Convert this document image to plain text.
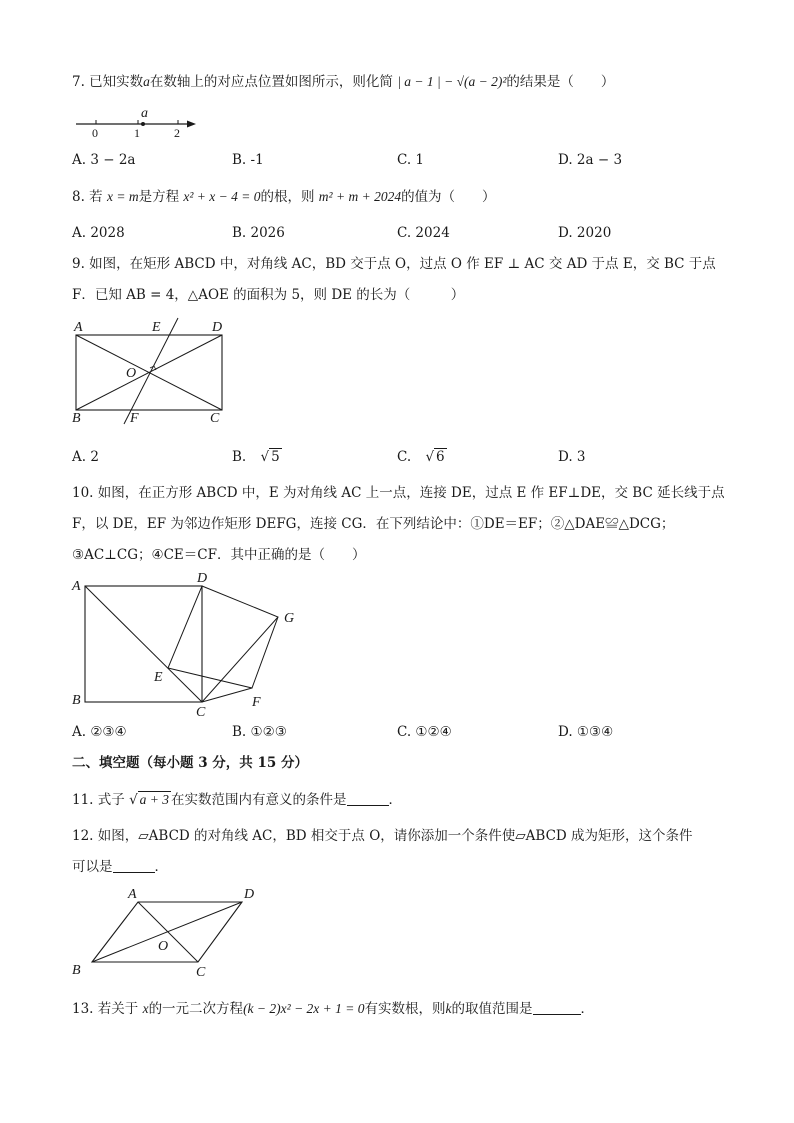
7. 已知实数a在数轴上的对应点位置如图所示，则化简 | a − 1 | − √(a − 2)²的结果是（　　）
a
0	1	2
A. 3 − 2a	B. -1	C. 1	D. 2a − 3
8. 若 x = m是方程 x² + x − 4 = 0的根，则 m² + m + 2024的值为（　　）
A. 2028	B. 2026	C. 2024	D. 2020
9. 如图，在矩形 ABCD 中，对角线 AC，BD 交于点 O，过点 O 作 EF ⊥ AC 交 AD 于点 E，交 BC 于点
F．已知 AB = 4，△AOE 的面积为 5，则 DE 的长为（　　　）
A	E	D
O
B	F	C
A. 2	B. √ 5	C. √ 6	D. 3
10. 如图，在正方形 ABCD 中，E 为对角线 AC 上一点，连接 DE，过点 E 作 EF⊥DE，交 BC 延长线于点
F，以 DE，EF 为邻边作矩形 DEFG，连接 CG．在下列结论中：①DE＝EF；②△DAE≌△DCG；
③AC⊥CG；④CE＝CF．其中正确的是（　　）
A
D
G
E
B
C
F
A. ②③④	B. ①②③	C. ①②④	D. ①③④
二、填空题（每小题 3 分，共 15 分）
11. 式子 √ a + 3 在实数范围内有意义的条件是	．
12. 如图，▱ABCD 的对角线 AC，BD 相交于点 O，请你添加一个条件使▱ABCD 成为矩形，这个条件
可以是	．
A	D
O
B	C
13. 若关于 x的一元二次方程(k − 2)x² − 2x + 1 = 0有实数根，则k的取值范围是	．
